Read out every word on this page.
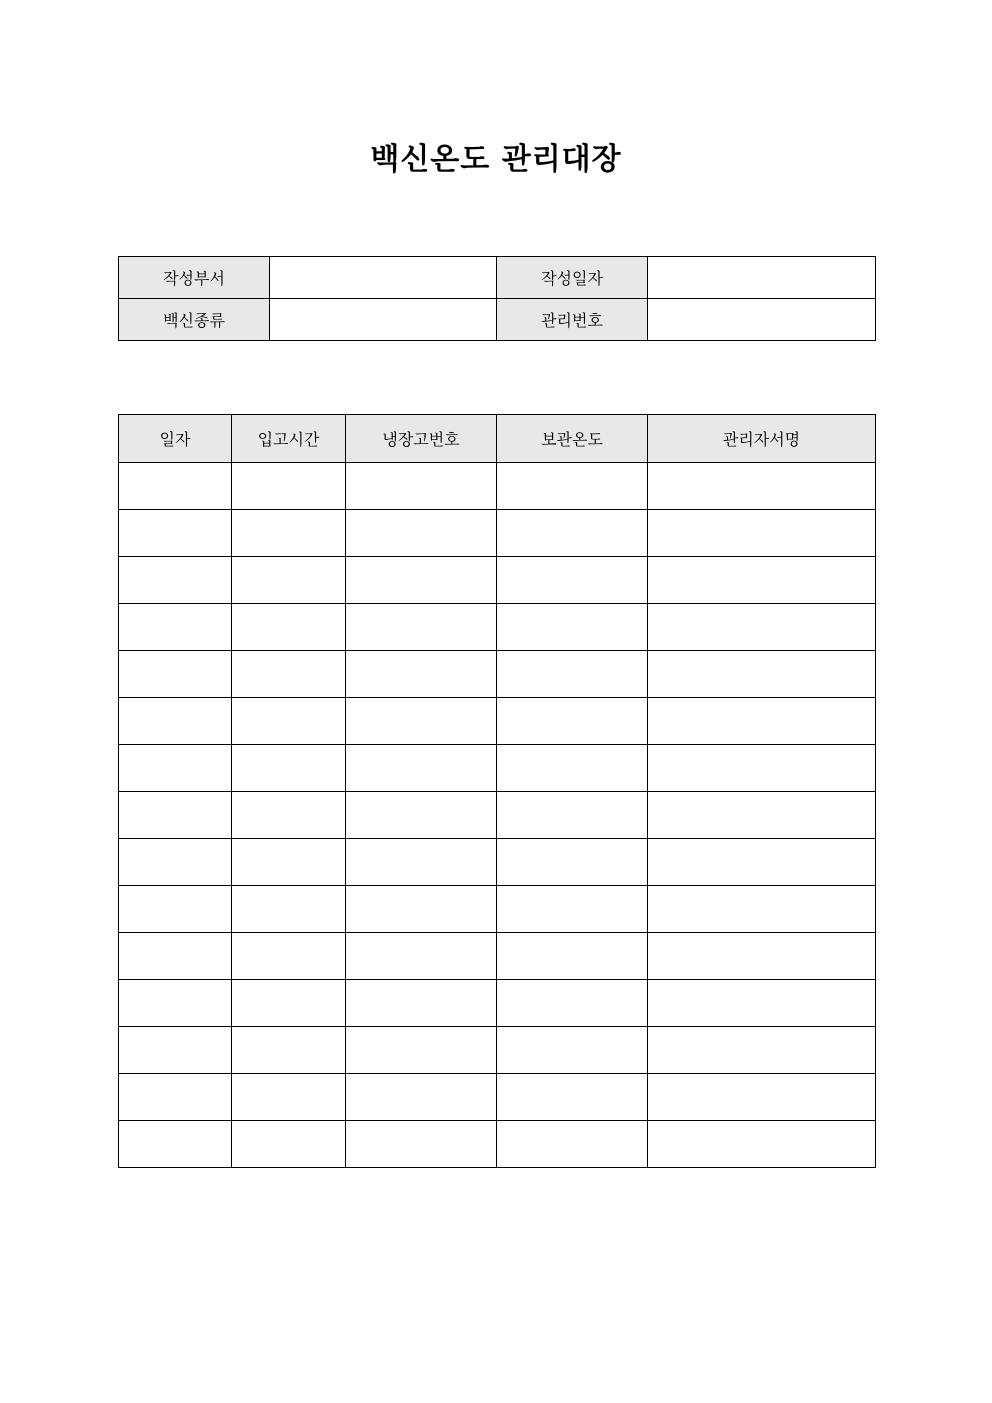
백신온도 관리대장
작성부서		작성일자	
백신종류		관리번호	
일자	입고시간	냉장고번호	보관온도	관리자서명
